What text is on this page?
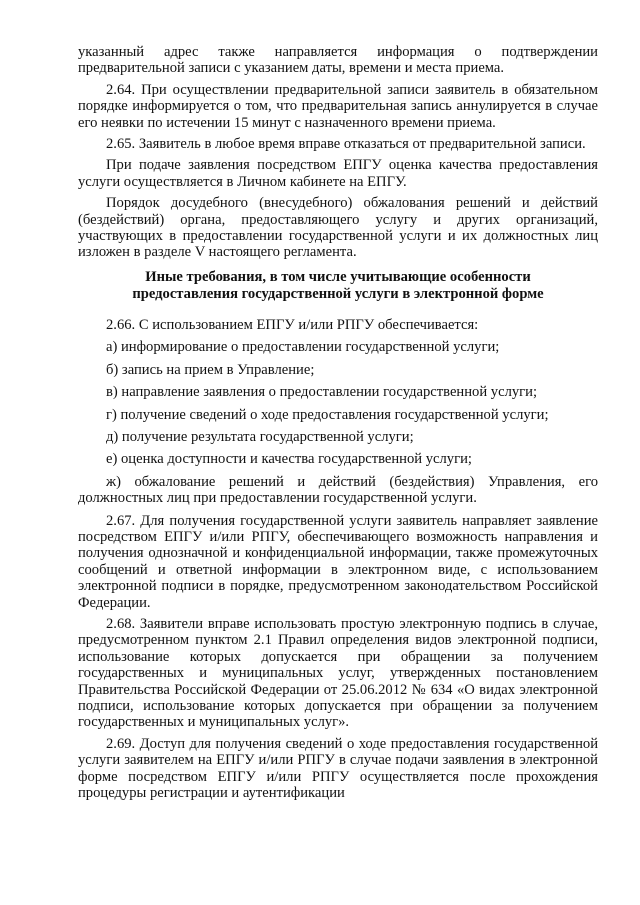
указанный адрес также направляется информация о подтверждении предварительной записи с указанием даты, времени и места приема.

2.64. При осуществлении предварительной записи заявитель в обязательном порядке информируется о том, что предварительная запись аннулируется в случае его неявки по истечении 15 минут с назначенного времени приема.

2.65. Заявитель в любое время вправе отказаться от предварительной записи.

При подаче заявления посредством ЕПГУ оценка качества предоставления услуги осуществляется в Личном кабинете на ЕПГУ.

Порядок досудебного (внесудебного) обжалования решений и действий (бездействий) органа, предоставляющего услугу и других организаций, участвующих в предоставлении государственной услуги и их должностных лиц изложен в разделе V настоящего регламента.

Иные требования, в том числе учитывающие особенности
предоставления государственной услуги в электронной форме

2.66. С использованием ЕПГУ и/или РПГУ обеспечивается:

а) информирование о предоставлении государственной услуги;

б) запись на прием в Управление;

в) направление заявления о предоставлении государственной услуги;

г) получение сведений о ходе предоставления государственной услуги;

д) получение результата государственной услуги;

е) оценка доступности и качества государственной услуги;

ж) обжалование решений и действий (бездействия) Управления, его должностных лиц при предоставлении государственной услуги.

2.67. Для получения государственной услуги заявитель направляет заявление посредством ЕПГУ и/или РПГУ, обеспечивающего возможность направления и получения однозначной и конфиденциальной информации, также промежуточных сообщений и ответной информации в электронном виде, с использованием электронной подписи в порядке, предусмотренном законодательством Российской Федерации.

2.68. Заявители вправе использовать простую электронную подпись в случае, предусмотренном пунктом 2.1 Правил определения видов электронной подписи, использование которых допускается при обращении за получением государственных и муниципальных услуг, утвержденных постановлением Правительства Российской Федерации от 25.06.2012 № 634 «О видах электронной подписи, использование которых допускается при обращении за получением государственных и муниципальных услуг».

2.69. Доступ для получения сведений о ходе предоставления государственной услуги заявителем на ЕПГУ и/или РПГУ в случае подачи заявления в электронной форме посредством ЕПГУ и/или РПГУ осуществляется после прохождения процедуры регистрации и аутентификации
